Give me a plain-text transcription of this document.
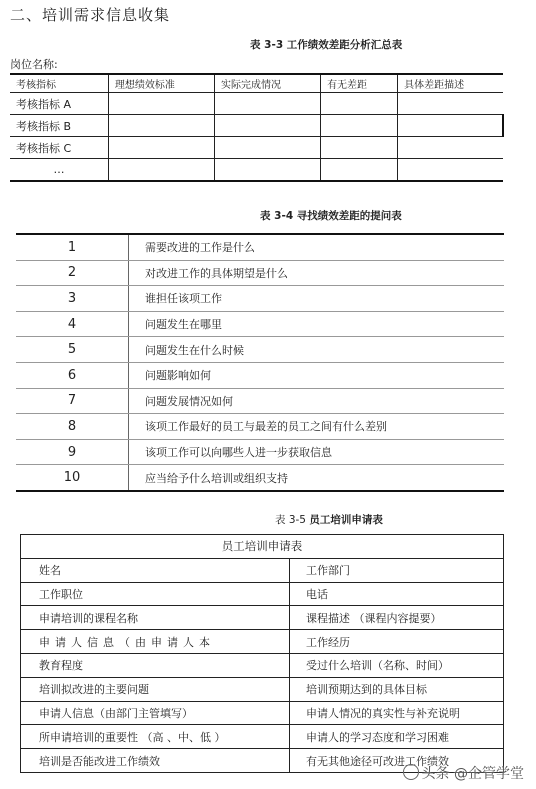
二、培训需求信息收集
表 3-3 工作绩效差距分析汇总表
岗位名称:
考核指标	理想绩效标准	实际完成情况	有无差距	具体差距描述
考核指标 A				
考核指标 B				
考核指标 C				
…				
表 3-4 寻找绩效差距的提问表
1	需要改进的工作是什么
2	对改进工作的具体期望是什么
3	谁担任该项工作
4	问题发生在哪里
5	问题发生在什么时候
6	问题影响如何
7	问题发展情况如何
8	该项工作最好的员工与最差的员工之间有什么差别
9	该项工作可以向哪些人进一步获取信息
10	应当给予什么培训或组织支持
表 3-5 员工培训申请表
员工培训申请表	
姓名	工作部门
工作职位	电话
申请培训的课程名称	课程描述 （课程内容提要）
申请人信息（由申请人本	工作经历
教育程度	受过什么培训（名称、时间）
培训拟改进的主要问题	培训预期达到的具体目标
申请人信息（由部门主管填写）	申请人情况的真实性与补充说明
所申请培训的重要性 （高 、中、低 ）	申请人的学习态度和学习困难
培训是否能改进工作绩效	有无其他途径可改进工作绩效
头条 @企管学堂
